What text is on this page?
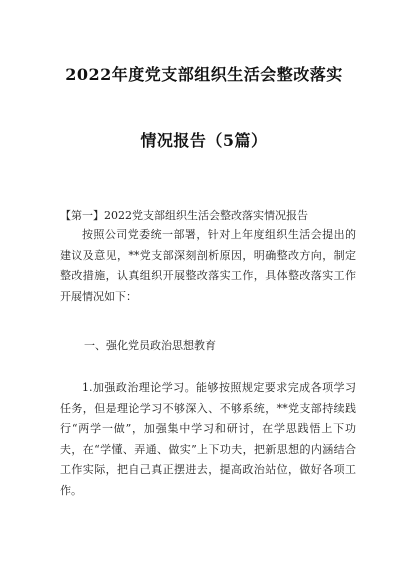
2022年度党支部组织生活会整改落实
情况报告（5篇）
【第一】2022党支部组织生活会整改落实情况报告
按照公司党委统一部署，针对上年度组织生活会提出的建议及意见，**党支部深刻剖析原因，明确整改方向，制定整改措施，认真组织开展整改落实工作，具体整改落实工作开展情况如下：
一、强化党员政治思想教育
1.加强政治理论学习。能够按照规定要求完成各项学习任务，但是理论学习不够深入、不够系统，**党支部持续践行“两学一做”，加强集中学习和研讨，在学思践悟上下功夫，在“学懂、弄通、做实”上下功夫，把新思想的内涵结合工作实际，把自己真正摆进去，提高政治站位，做好各项工作。
